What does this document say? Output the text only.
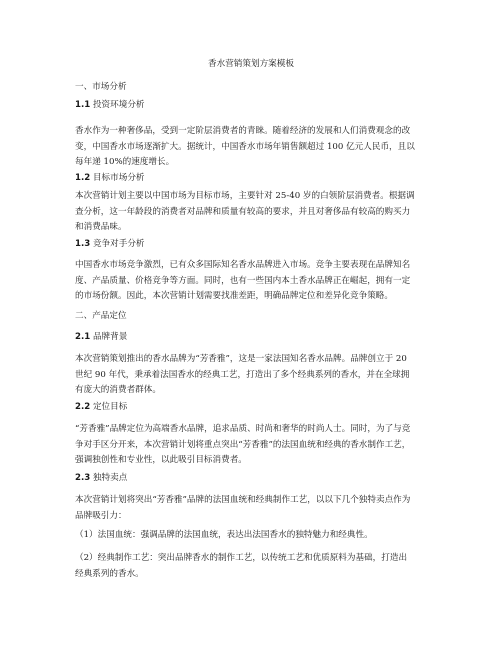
香水营销策划方案模板
一、市场分析
1.1 投资环境分析
香水作为一种奢侈品，受到一定阶层消费者的青睐。随着经济的发展和人们消费观念的改
变，中国香水市场逐渐扩大。据统计，中国香水市场年销售额超过 100 亿元人民币，且以
每年递 10%的速度增长。
1.2 目标市场分析
本次营销计划主要以中国市场为目标市场，主要针对 25-40 岁的白领阶层消费者。根据调
查分析，这一年龄段的消费者对品牌和质量有较高的要求，并且对奢侈品有较高的购买力
和消费品味。
1.3 竞争对手分析
中国香水市场竞争激烈，已有众多国际知名香水品牌进入市场。竞争主要表现在品牌知名
度、产品质量、价格竞争等方面。同时，也有一些国内本土香水品牌正在崛起，拥有一定
的市场份额。因此，本次营销计划需要找准差距，明确品牌定位和差异化竞争策略。
二、产品定位
2.1 品牌背景
本次营销策划推出的香水品牌为“芳香雅”，这是一家法国知名香水品牌。品牌创立于 20
世纪 90 年代，秉承着法国香水的经典工艺，打造出了多个经典系列的香水，并在全球拥
有庞大的消费者群体。
2.2 定位目标
“芳香雅”品牌定位为高端香水品牌，追求品质、时尚和奢华的时尚人士。同时，为了与竞
争对手区分开来，本次营销计划将重点突出“芳香雅”的法国血统和经典的香水制作工艺，
强调独创性和专业性，以此吸引目标消费者。
2.3 独特卖点
本次营销计划将突出“芳香雅”品牌的法国血统和经典制作工艺，以以下几个独特卖点作为
品牌吸引力：
（1）法国血统：强调品牌的法国血统，表达出法国香水的独特魅力和经典性。
（2）经典制作工艺：突出品牌香水的制作工艺，以传统工艺和优质原料为基础，打造出
经典系列的香水。
